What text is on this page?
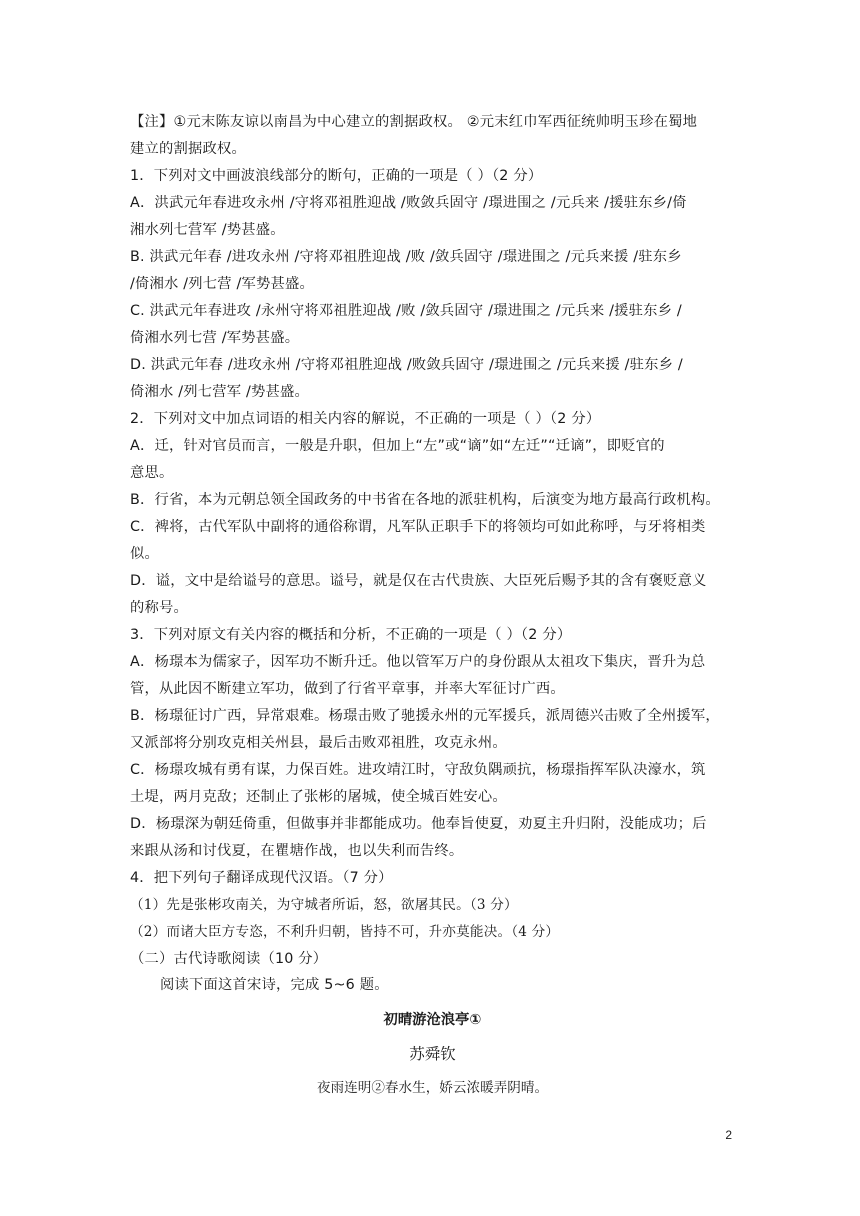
【注】①元末陈友谅以南昌为中心建立的割据政权。 ②元末红巾军西征统帅明玉珍在蜀地
建立的割据政权。
1．下列对文中画波浪线部分的断句，正确的一项是（ ）（2 分）
A．洪武元年春进攻永州 /守将邓祖胜迎战 /败敛兵固守 /璟进围之 /元兵来 /援驻东乡/倚
湘水列七营军 /势甚盛。
B. 洪武元年春 /进攻永州 /守将邓祖胜迎战 /败 /敛兵固守 /璟进围之 /元兵来援 /驻东乡
/倚湘水 /列七营 /军势甚盛。
C. 洪武元年春进攻 /永州守将邓祖胜迎战 /败 /敛兵固守 /璟进围之 /元兵来 /援驻东乡 /
倚湘水列七营 /军势甚盛。
D. 洪武元年春 /进攻永州 /守将邓祖胜迎战 /败敛兵固守 /璟进围之 /元兵来援 /驻东乡 /
倚湘水 /列七营军 /势甚盛。
2．下列对文中加点词语的相关内容的解说，不正确的一项是（ ）（2 分）
A．迁，针对官员而言，一般是升职，但加上“左”或“谪”如“左迁”“迁谪”，即贬官的
意思。
B．行省，本为元朝总领全国政务的中书省在各地的派驻机构，后演变为地方最高行政机构。
C．裨将，古代军队中副将的通俗称谓，凡军队正职手下的将领均可如此称呼，与牙将相类
似。
D．谥，文中是给谥号的意思。谥号，就是仅在古代贵族、大臣死后赐予其的含有褒贬意义
的称号。
3．下列对原文有关内容的概括和分析，不正确的一项是（ ）（2 分）
A．杨璟本为儒家子，因军功不断升迁。他以管军万户的身份跟从太祖攻下集庆，晋升为总
管，从此因不断建立军功，做到了行省平章事，并率大军征讨广西。
B．杨璟征讨广西，异常艰难。杨璟击败了驰援永州的元军援兵，派周德兴击败了全州援军，
又派部将分别攻克相关州县，最后击败邓祖胜，攻克永州。
C．杨璟攻城有勇有谋，力保百姓。进攻靖江时，守敌负隅顽抗，杨璟指挥军队决濠水，筑
土堤，两月克敌；还制止了张彬的屠城，使全城百姓安心。
D．杨璟深为朝廷倚重，但做事并非都能成功。他奉旨使夏，劝夏主升归附，没能成功；后
来跟从汤和讨伐夏，在瞿塘作战，也以失利而告终。
4．把下列句子翻译成现代汉语。（7 分）
（1）先是张彬攻南关，为守城者所诟，怒，欲屠其民。（3 分）
（2）而诸大臣方专恣，不利升归朝，皆持不可，升亦莫能决。（4 分）
（二）古代诗歌阅读（10 分）
阅读下面这首宋诗，完成 5~6 题。
初晴游沧浪亭①
苏舜钦
夜雨连明②春水生，娇云浓暖弄阴晴。
2
